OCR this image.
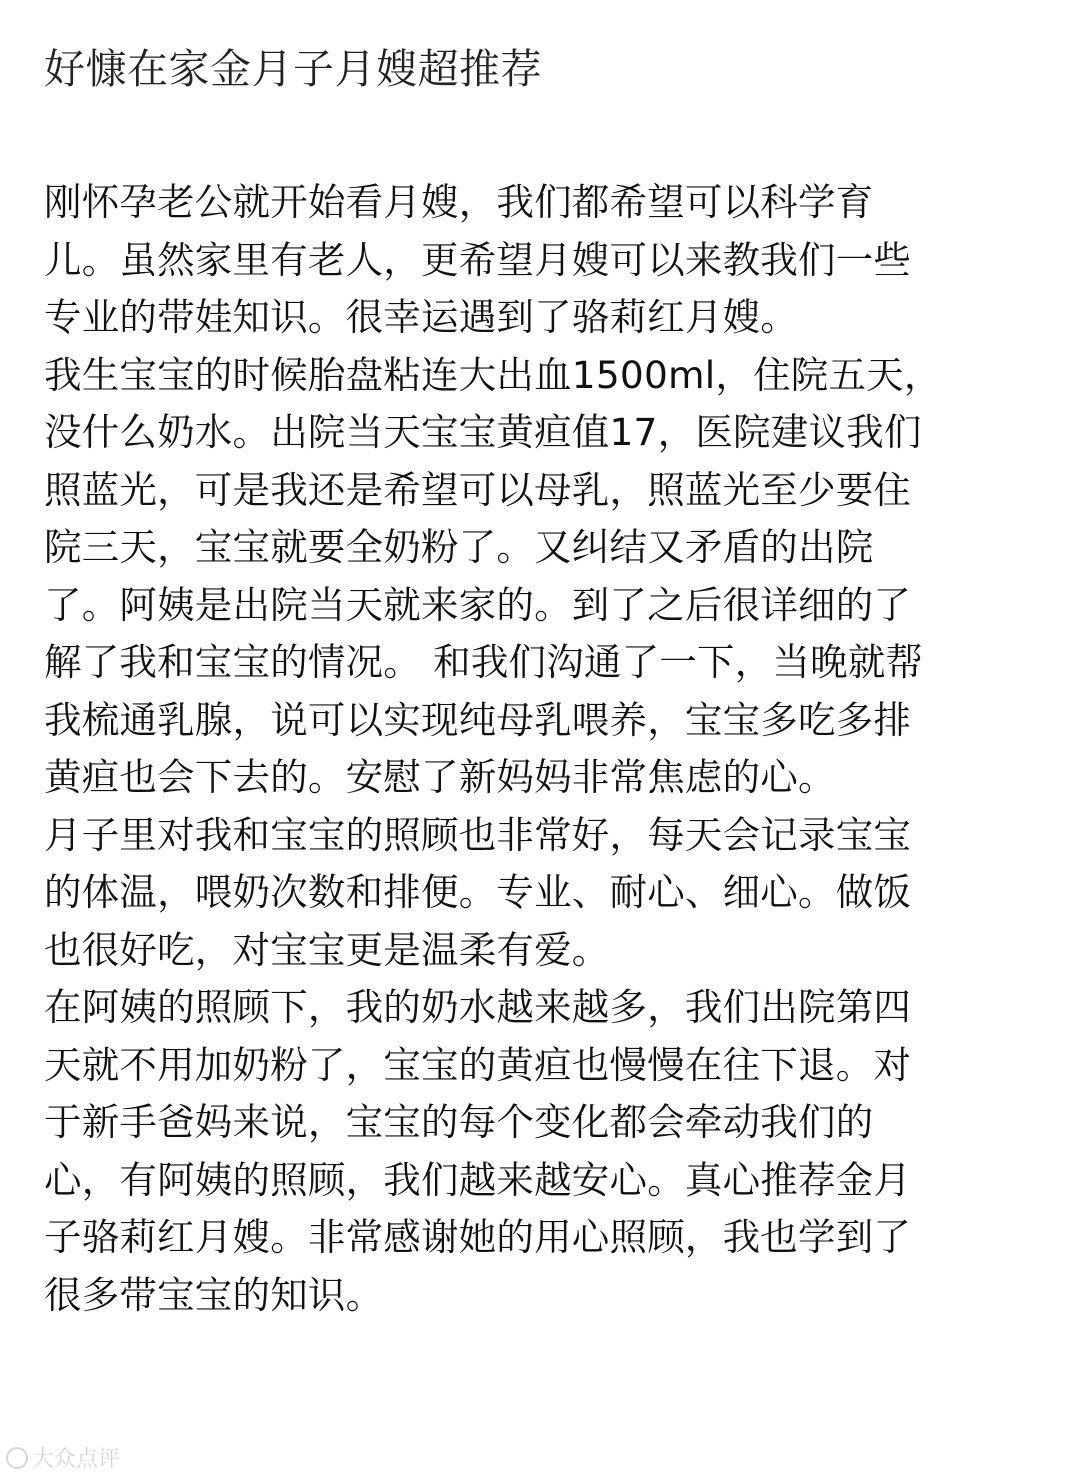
好慷在家金月子月嫂超推荐

刚怀孕老公就开始看月嫂，我们都希望可以科学育
儿。虽然家里有老人，更希望月嫂可以来教我们一些
专业的带娃知识。很幸运遇到了骆莉红月嫂。

我生宝宝的时候胎盘粘连大出血1500ml，住院五天，
没什么奶水。出院当天宝宝黄疸值17，医院建议我们
照蓝光，可是我还是希望可以母乳，照蓝光至少要住
院三天，宝宝就要全奶粉了。又纠结又矛盾的出院
了。阿姨是出院当天就来家的。到了之后很详细的了
解了我和宝宝的情况。 和我们沟通了一下，当晚就帮
我梳通乳腺，说可以实现纯母乳喂养，宝宝多吃多排
黄疸也会下去的。安慰了新妈妈非常焦虑的心。

月子里对我和宝宝的照顾也非常好，每天会记录宝宝
的体温，喂奶次数和排便。专业、耐心、细心。做饭
也很好吃，对宝宝更是温柔有爱。

在阿姨的照顾下，我的奶水越来越多，我们出院第四
天就不用加奶粉了，宝宝的黄疸也慢慢在往下退。对
于新手爸妈来说，宝宝的每个变化都会牵动我们的
心，有阿姨的照顾，我们越来越安心。真心推荐金月
子骆莉红月嫂。非常感谢她的用心照顾，我也学到了
很多带宝宝的知识。

大众点评
